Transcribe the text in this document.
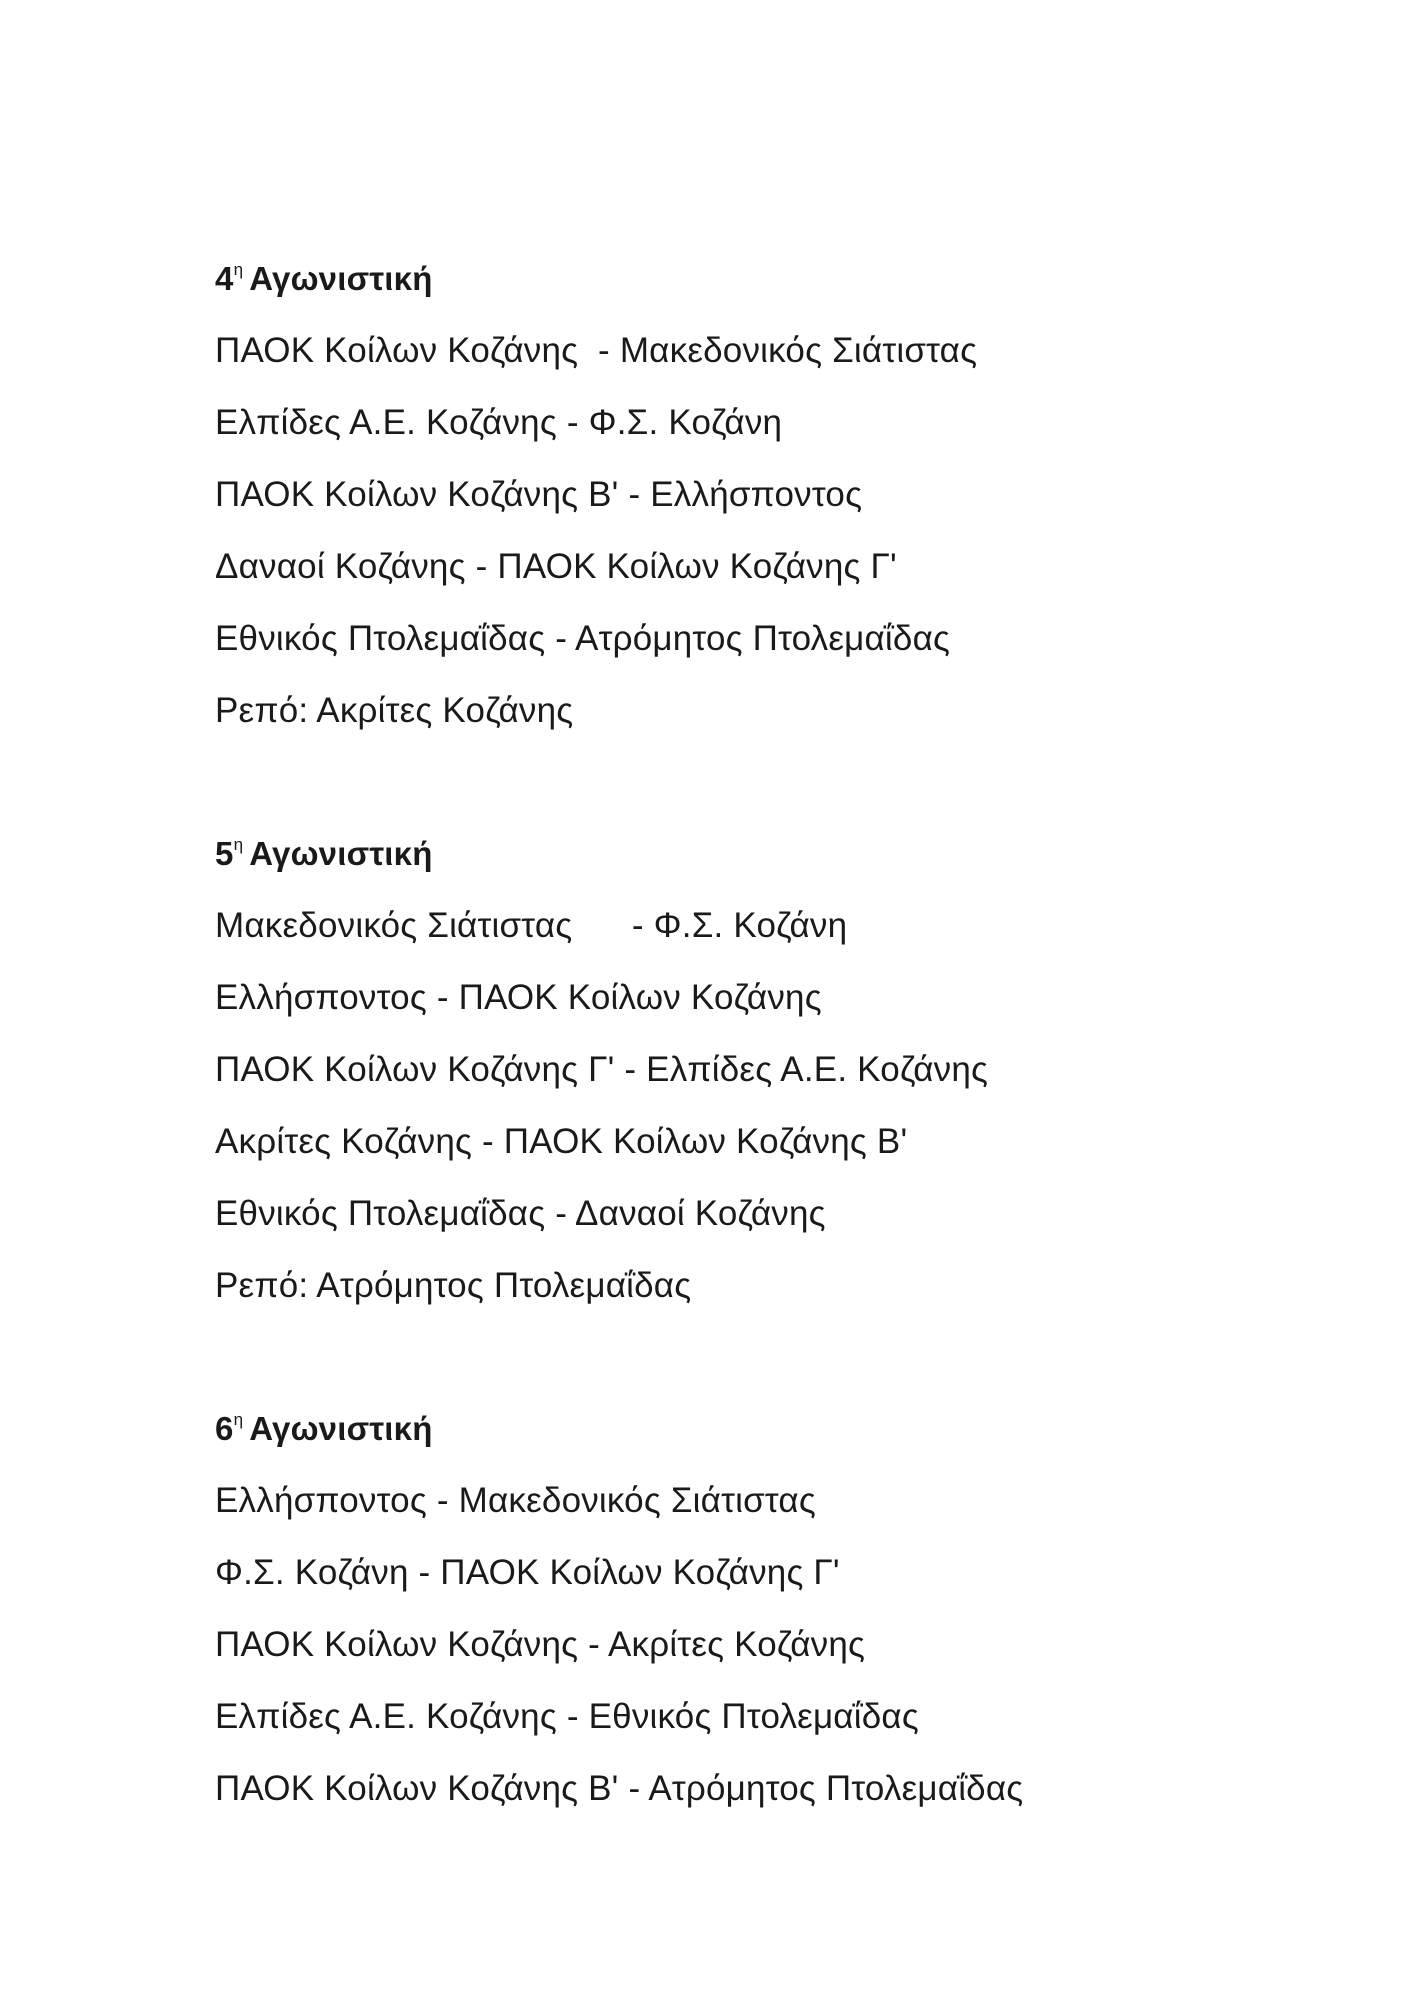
$4^\eta$ Αγωνιστική
ΠΑΟΚ Κοίλων Κοζάνης  - Μακεδονικός Σιάτιστας
Ελπίδες Α.Ε. Κοζάνης - Φ.Σ. Κοζάνη
ΠΑΟΚ Κοίλων Κοζάνης Β' - Ελλήσποντος
Δαναοί Κοζάνης - ΠΑΟΚ Κοίλων Κοζάνης Γ'
Εθνικός Πτολεμαΐδας - Ατρόμητος Πτολεμαΐδας
Ρεπό: Ακρίτες Κοζάνης
$5^\eta$ Αγωνιστική
Μακεδονικός Σιάτιστας      - Φ.Σ. Κοζάνη
Ελλήσποντος - ΠΑΟΚ Κοίλων Κοζάνης
ΠΑΟΚ Κοίλων Κοζάνης Γ' - Ελπίδες Α.Ε. Κοζάνης
Ακρίτες Κοζάνης - ΠΑΟΚ Κοίλων Κοζάνης Β'
Εθνικός Πτολεμαΐδας - Δαναοί Κοζάνης
Ρεπό: Ατρόμητος Πτολεμαΐδας
$6^\eta$ Αγωνιστική
Ελλήσποντος - Μακεδονικός Σιάτιστας
Φ.Σ. Κοζάνη - ΠΑΟΚ Κοίλων Κοζάνης Γ'
ΠΑΟΚ Κοίλων Κοζάνης - Ακρίτες Κοζάνης
Ελπίδες Α.Ε. Κοζάνης - Εθνικός Πτολεμαΐδας
ΠΑΟΚ Κοίλων Κοζάνης Β' - Ατρόμητος Πτολεμαΐδας
